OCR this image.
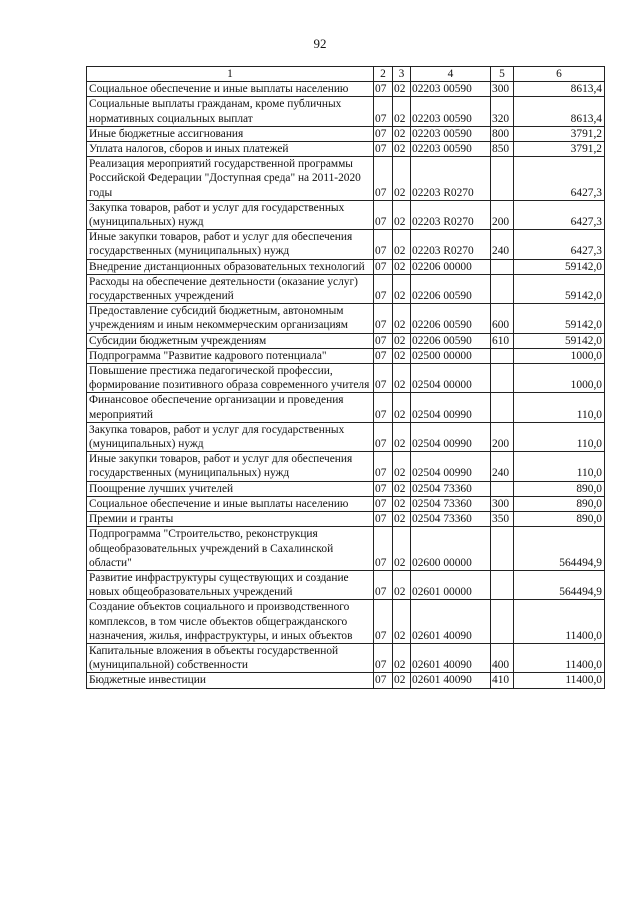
92
1	2	3	4	5	6
Социальное обеспечение и иные выплаты населению	07	02	02203 00590	300	8613,4
Социальные выплаты гражданам, кроме публичных нормативных социальных выплат	07	02	02203 00590	320	8613,4
Иные бюджетные ассигнования	07	02	02203 00590	800	3791,2
Уплата налогов, сборов и иных платежей	07	02	02203 00590	850	3791,2
Реализация мероприятий государственной программы Российской Федерации "Доступная среда" на 2011-2020 годы	07	02	02203 R0270		6427,3
Закупка товаров, работ и услуг для государственных (муниципальных) нужд	07	02	02203 R0270	200	6427,3
Иные закупки товаров, работ и услуг для обеспечения государственных (муниципальных) нужд	07	02	02203 R0270	240	6427,3
Внедрение дистанционных образовательных технологий	07	02	02206 00000		59142,0
Расходы на обеспечение деятельности (оказание услуг) государственных учреждений	07	02	02206 00590		59142,0
Предоставление субсидий бюджетным, автономным учреждениям и иным некоммерческим организациям	07	02	02206 00590	600	59142,0
Субсидии бюджетным учреждениям	07	02	02206 00590	610	59142,0
Подпрограмма "Развитие кадрового потенциала"	07	02	02500 00000		1000,0
Повышение престижа педагогической профессии, формирование позитивного образа современного учителя	07	02	02504 00000		1000,0
Финансовое обеспечение организации и проведения мероприятий	07	02	02504 00990		110,0
Закупка товаров, работ и услуг для государственных (муниципальных) нужд	07	02	02504 00990	200	110,0
Иные закупки товаров, работ и услуг для обеспечения государственных (муниципальных) нужд	07	02	02504 00990	240	110,0
Поощрение лучших учителей	07	02	02504 73360		890,0
Социальное обеспечение и иные выплаты населению	07	02	02504 73360	300	890,0
Премии и гранты	07	02	02504 73360	350	890,0
Подпрограмма "Строительство, реконструкция общеобразовательных учреждений в Сахалинской области"	07	02	02600 00000		564494,9
Развитие инфраструктуры существующих и создание новых общеобразовательных учреждений	07	02	02601 00000		564494,9
Создание объектов социального и производственного комплексов, в том числе объектов общегражданского назначения, жилья, инфраструктуры, и иных объектов	07	02	02601 40090		11400,0
Капитальные вложения в объекты государственной (муниципальной) собственности	07	02	02601 40090	400	11400,0
Бюджетные инвестиции	07	02	02601 40090	410	11400,0
